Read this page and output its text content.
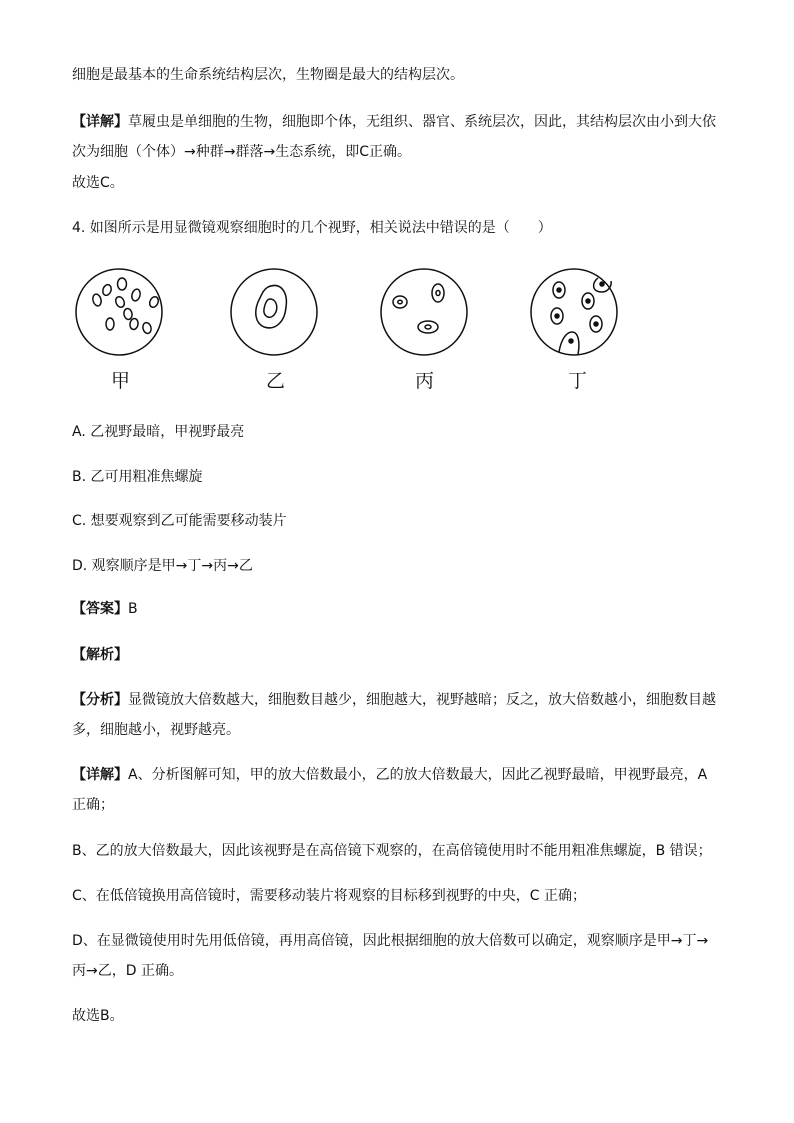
细胞是最基本的生命系统结构层次，生物圈是最大的结构层次。
【详解】草履虫是单细胞的生物，细胞即个体，无组织、器官、系统层次，因此，其结构层次由小到大依
次为细胞（个体）→种群→群落→生态系统，即C正确。
故选C。
4. 如图所示是用显微镜观察细胞时的几个视野，相关说法中错误的是（　　）
甲	乙	丙	丁
A. 乙视野最暗，甲视野最亮
B. 乙可用粗准焦螺旋
C. 想要观察到乙可能需要移动装片
D. 观察顺序是甲→丁→丙→乙
【答案】B
【解析】
【分析】显微镜放大倍数越大，细胞数目越少，细胞越大，视野越暗；反之，放大倍数越小，细胞数目越
多，细胞越小，视野越亮。
【详解】A、分析图解可知，甲的放大倍数最小，乙的放大倍数最大，因此乙视野最暗，甲视野最亮，A
正确；
B、乙的放大倍数最大，因此该视野是在高倍镜下观察的，在高倍镜使用时不能用粗准焦螺旋，B 错误；
C、在低倍镜换用高倍镜时，需要移动装片将观察的目标移到视野的中央，C 正确；
D、在显微镜使用时先用低倍镜，再用高倍镜，因此根据细胞的放大倍数可以确定，观察顺序是甲→丁→
丙→乙，D 正确。
故选B。
